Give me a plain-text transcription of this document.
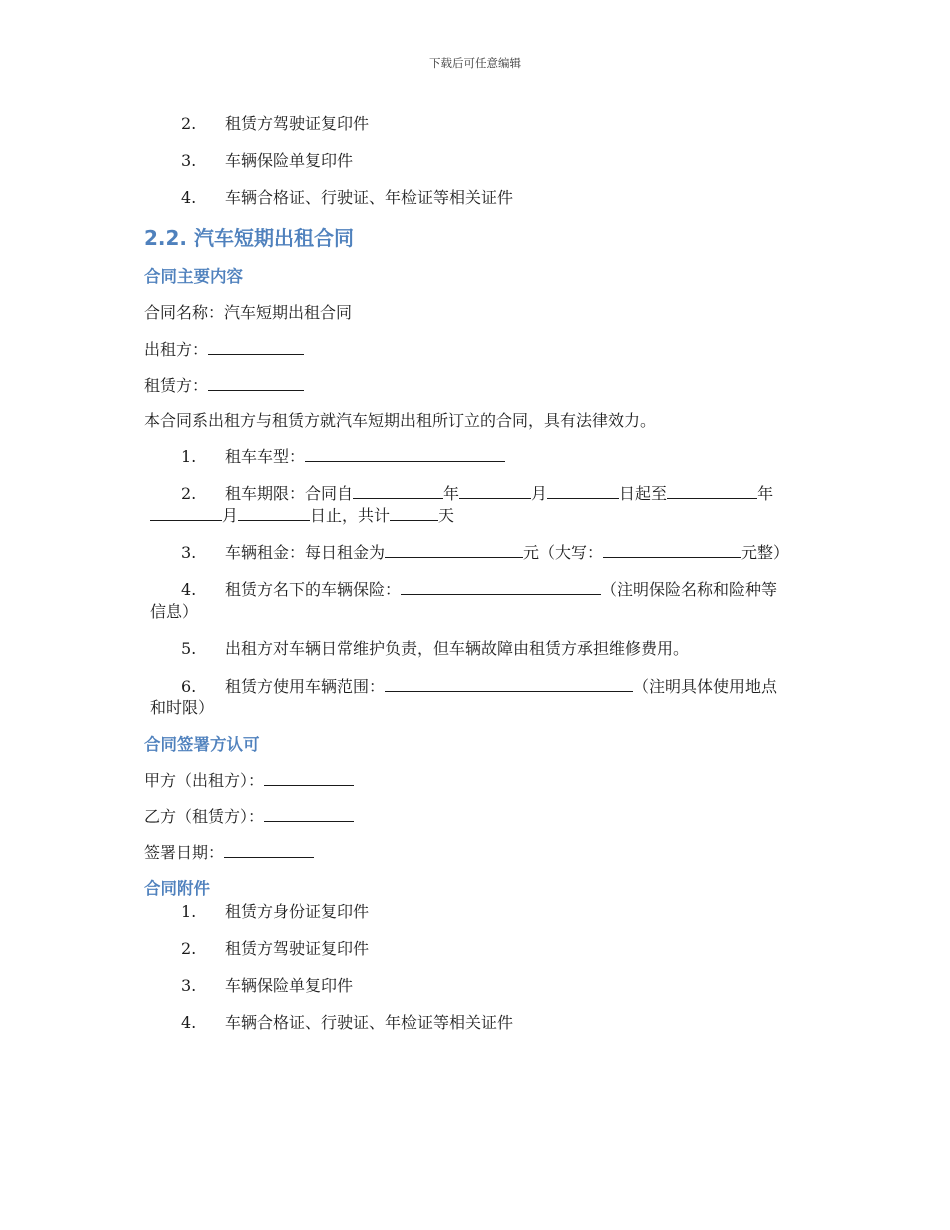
下载后可任意编辑
2. 租赁方驾驶证复印件
3. 车辆保险单复印件
4. 车辆合格证、行驶证、年检证等相关证件
2.2. 汽车短期出租合同
合同主要内容
合同名称：汽车短期出租合同
出租方：
租赁方：
本合同系出租方与租赁方就汽车短期出租所订立的合同，具有法律效力。
1. 租车车型：
2. 租车期限：合同自	年	月	日起至	年
月	日止，共计	天
3. 车辆租金：每日租金为	元（大写：	元整）
4. 租赁方名下的车辆保险：	（注明保险名称和险种等
信息）
5. 出租方对车辆日常维护负责，但车辆故障由租赁方承担维修费用。
6. 租赁方使用车辆范围：	（注明具体使用地点
和时限）
合同签署方认可
甲方（出租方）：
乙方（租赁方）：
签署日期：
合同附件
1. 租赁方身份证复印件
2. 租赁方驾驶证复印件
3. 车辆保险单复印件
4. 车辆合格证、行驶证、年检证等相关证件
